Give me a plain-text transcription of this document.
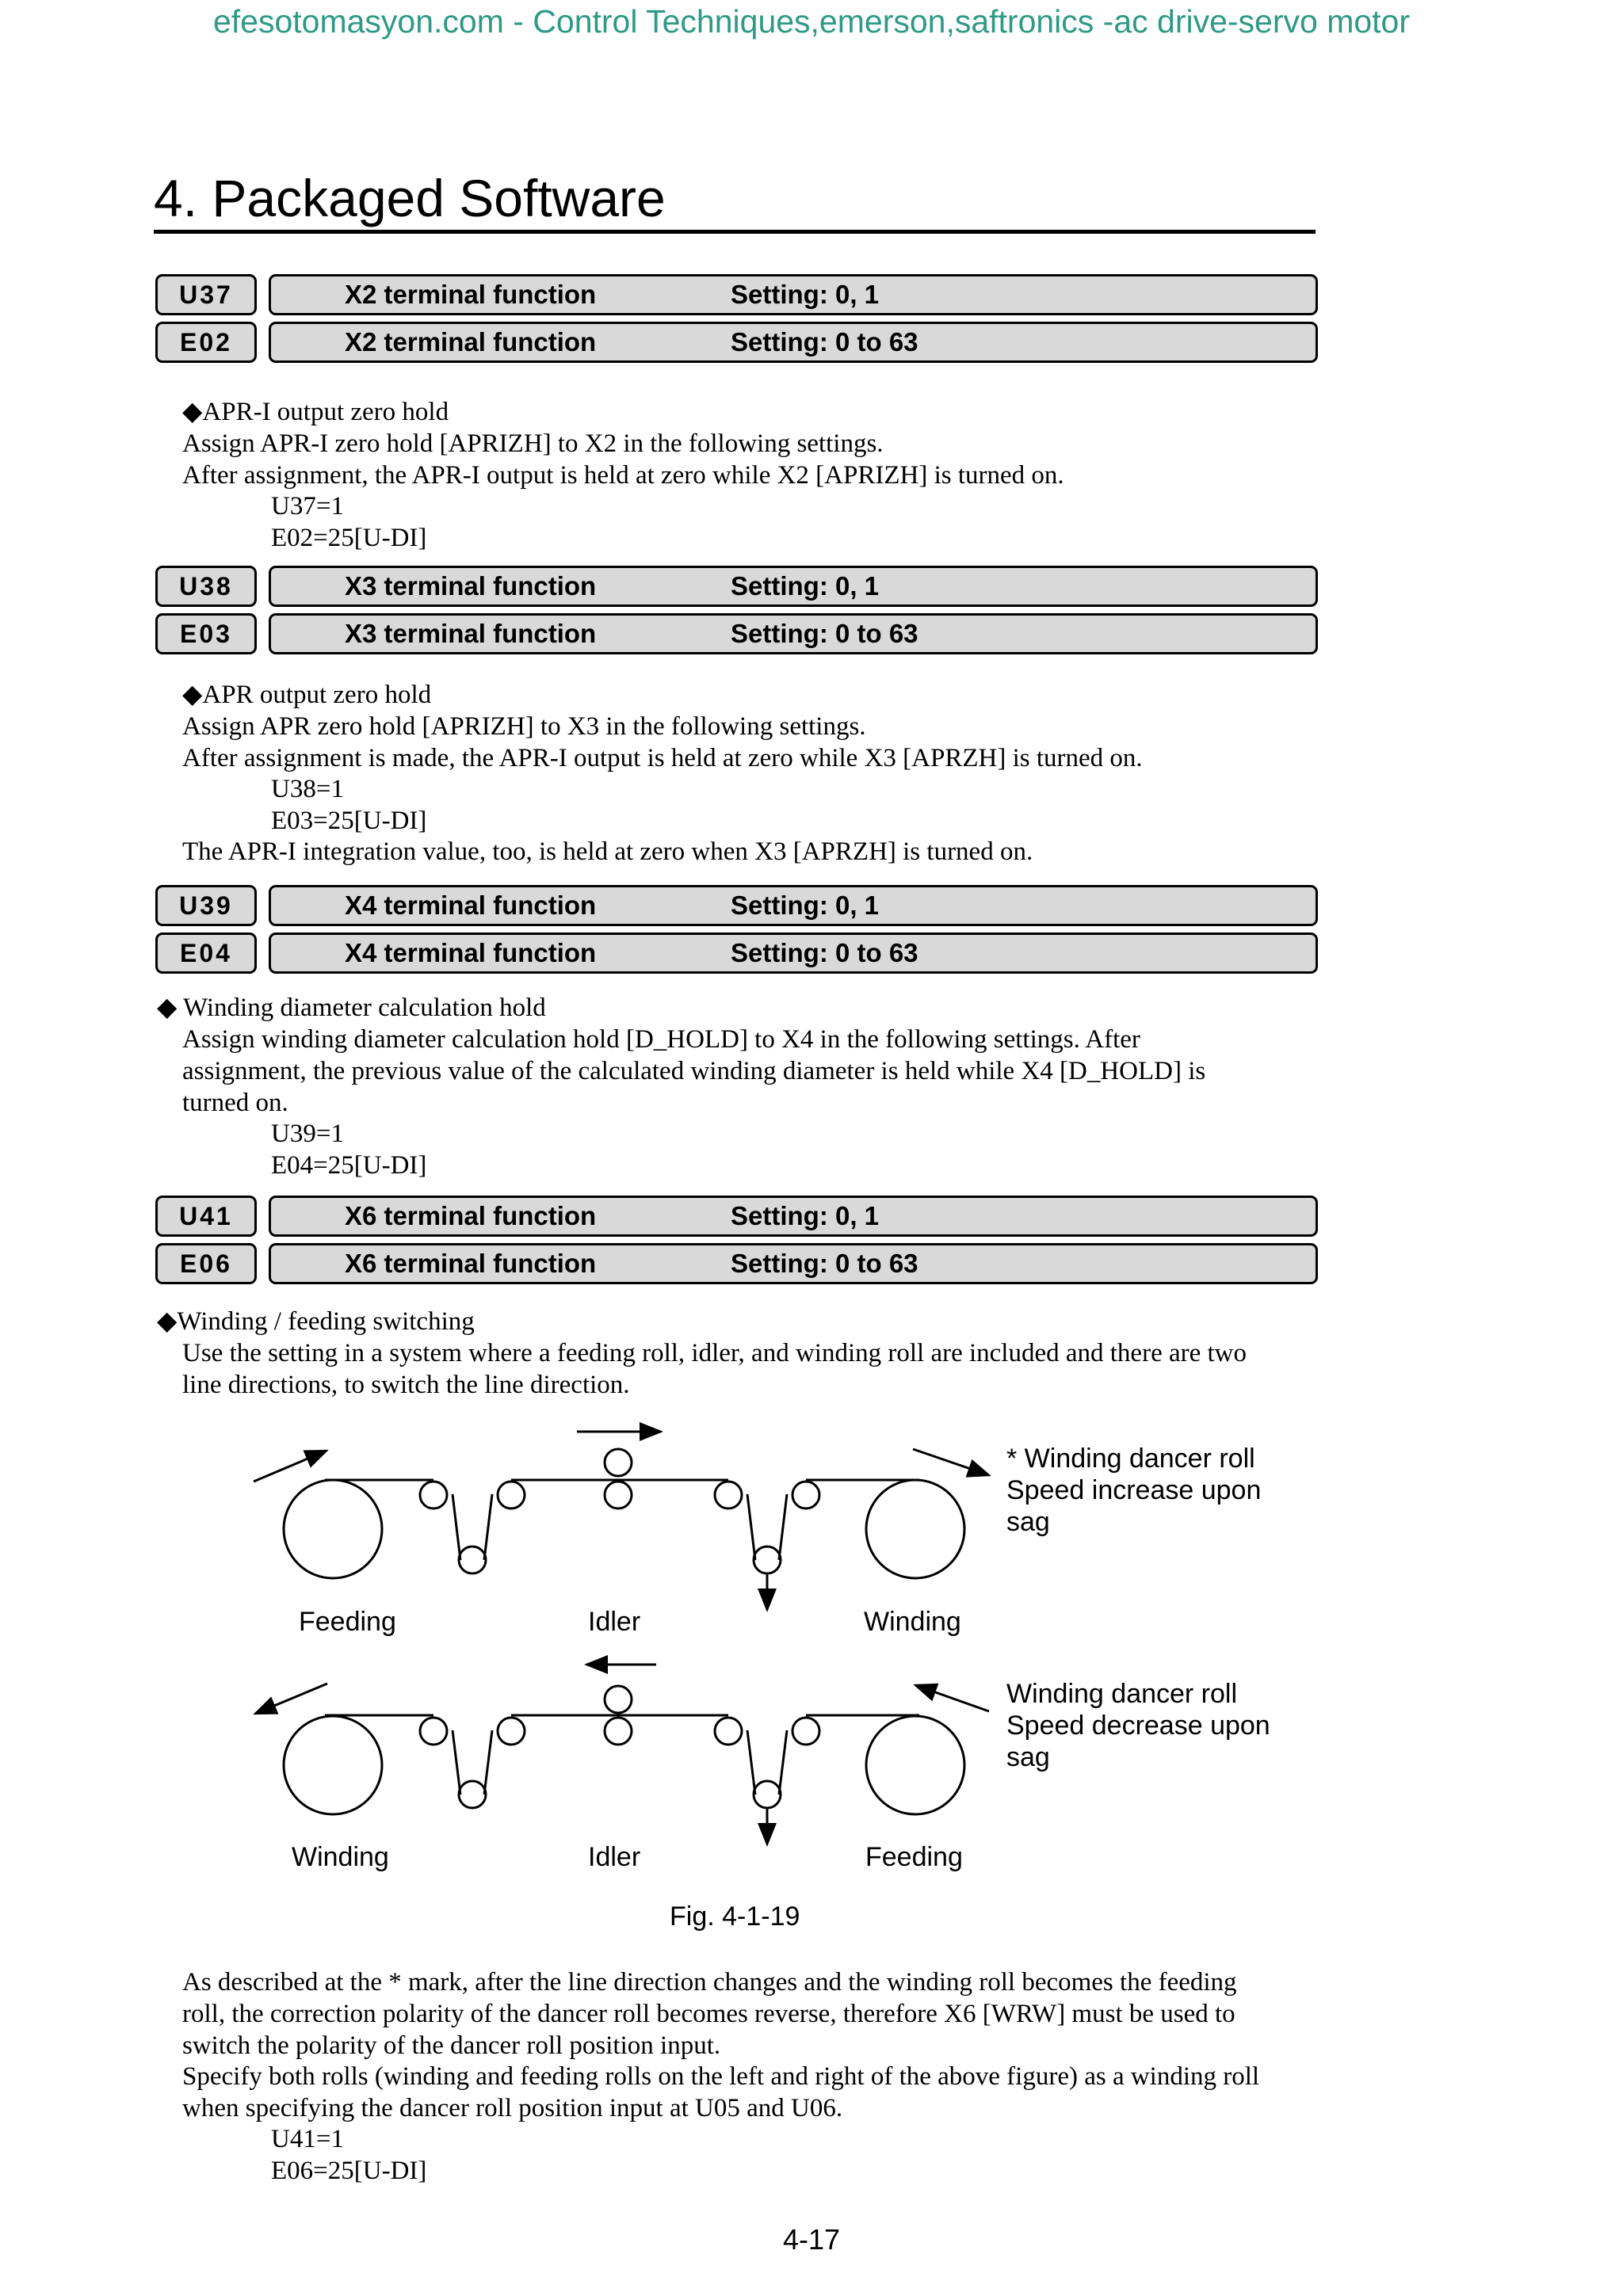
efesotomasyon.com - Control Techniques,emerson,saftronics -ac drive-servo motor
4. Packaged Software
U37	X2 terminal function	Setting: 0, 1
E02	X2 terminal function	Setting: 0 to 63
◆APR-I output zero hold
Assign APR-I zero hold [APRIZH] to X2 in the following settings.
After assignment, the APR-I output is held at zero while X2 [APRIZH] is turned on.
U37=1
E02=25[U-DI]
U38	X3 terminal function	Setting: 0, 1
E03	X3 terminal function	Setting: 0 to 63
◆APR output zero hold
Assign APR zero hold [APRIZH] to X3 in the following settings.
After assignment is made, the APR-I output is held at zero while X3 [APRZH] is turned on.
U38=1
E03=25[U-DI]
The APR-I integration value, too, is held at zero when X3 [APRZH] is turned on.
U39	X4 terminal function	Setting: 0, 1
E04	X4 terminal function	Setting: 0 to 63
◆ Winding diameter calculation hold
Assign winding diameter calculation hold [D_HOLD] to X4 in the following settings. After
assignment, the previous value of the calculated winding diameter is held while X4 [D_HOLD] is
turned on.
U39=1
E04=25[U-DI]
U41	X6 terminal function	Setting: 0, 1
E06	X6 terminal function	Setting: 0 to 63
◆Winding / feeding switching
Use the setting in a system where a feeding roll, idler, and winding roll are included and there are two
line directions, to switch the line direction.
Feeding	Idler	Winding
* Winding dancer roll
Speed increase upon
sag
Winding	Idler	Feeding
Winding dancer roll
Speed decrease upon
sag
Fig. 4-1-19
As described at the * mark, after the line direction changes and the winding roll becomes the feeding
roll, the correction polarity of the dancer roll becomes reverse, therefore X6 [WRW] must be used to
switch the polarity of the dancer roll position input.
Specify both rolls (winding and feeding rolls on the left and right of the above figure) as a winding roll
when specifying the dancer roll position input at U05 and U06.
U41=1
E06=25[U-DI]
4-17
